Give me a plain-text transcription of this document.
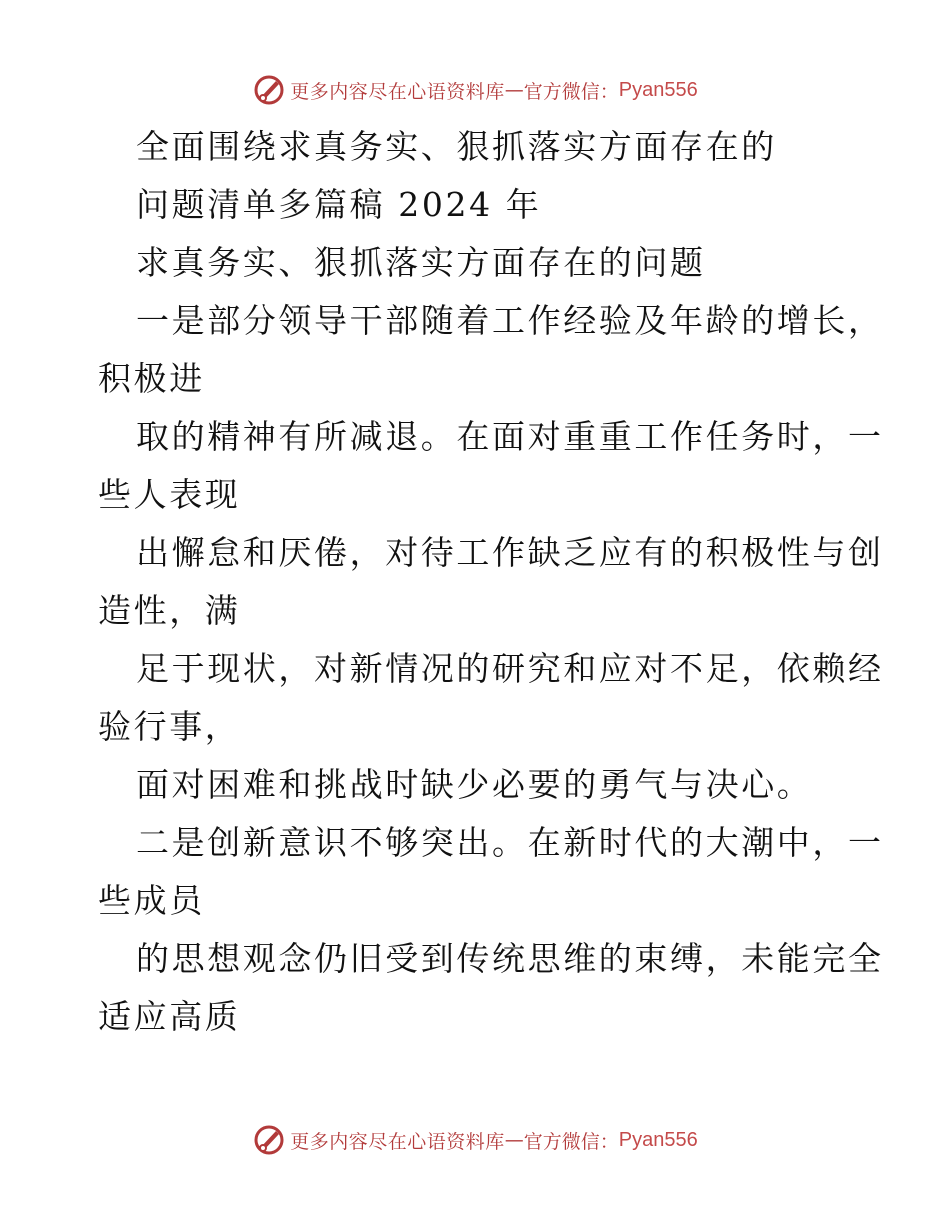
更多内容尽在心语资料库 — 官方微信： Pyan556
全面围绕求真务实、狠抓落实方面存在的
问题清单多篇稿 2024 年
求真务实、狠抓落实方面存在的问题
一是部分领导干部随着工作经验及年龄的增长，
积极进
取的精神有所减退。在面对重重工作任务时，一
些人表现
出懈怠和厌倦，对待工作缺乏应有的积极性与创
造性，满
足于现状，对新情况的研究和应对不足，依赖经
验行事，
面对困难和挑战时缺少必要的勇气与决心。
二是创新意识不够突出。在新时代的大潮中，一
些成员
的思想观念仍旧受到传统思维的束缚，未能完全
适应高质
更多内容尽在心语资料库 — 官方微信： Pyan556
